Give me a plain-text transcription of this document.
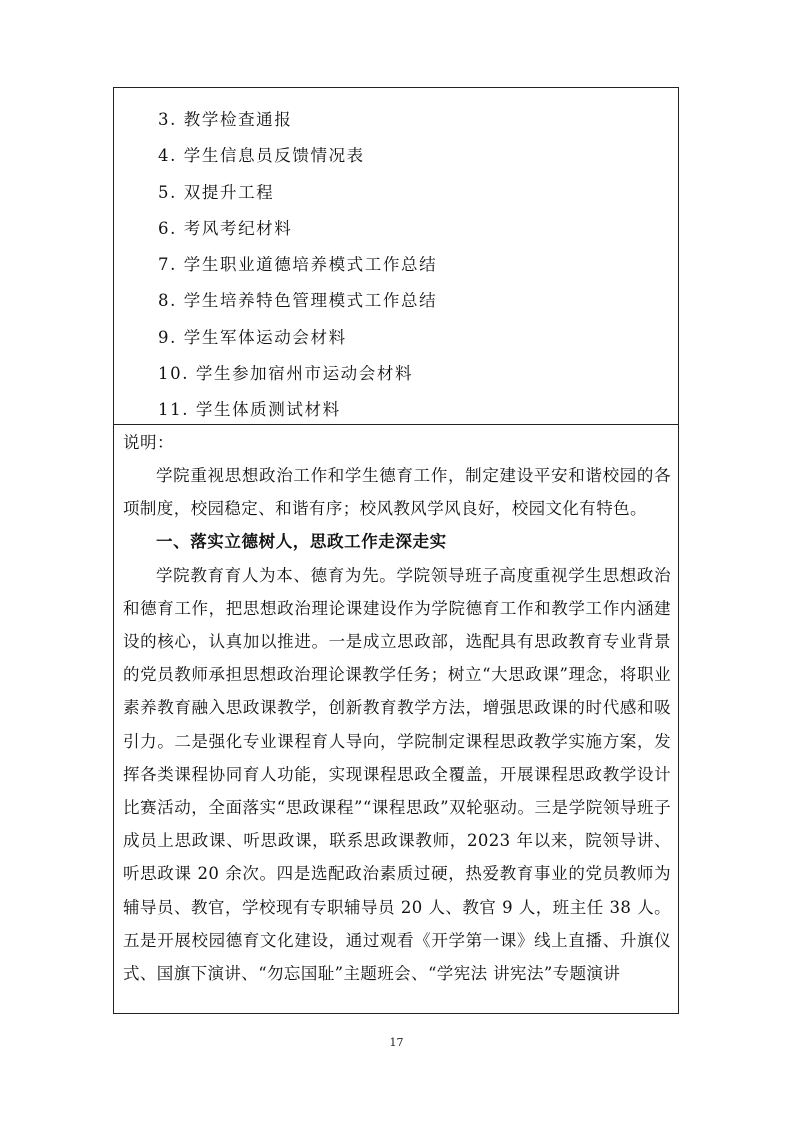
3. 教学检查通报
4. 学生信息员反馈情况表
5. 双提升工程
6. 考风考纪材料
7. 学生职业道德培养模式工作总结
8. 学生培养特色管理模式工作总结
9. 学生军体运动会材料
10. 学生参加宿州市运动会材料
11. 学生体质测试材料
说明：

学院重视思想政治工作和学生德育工作，制定建设平安和谐校园的各项制度，校园稳定、和谐有序；校风教风学风良好，校园文化有特色。

一、落实立德树人，思政工作走深走实

学院教育育人为本、德育为先。学院领导班子高度重视学生思想政治和德育工作，把思想政治理论课建设作为学院德育工作和教学工作内涵建设的核心，认真加以推进。一是成立思政部，选配具有思政教育专业背景的党员教师承担思想政治理论课教学任务；树立“大思政课”理念，将职业素养教育融入思政课教学，创新教育教学方法，增强思政课的时代感和吸引力。二是强化专业课程育人导向，学院制定课程思政教学实施方案，发挥各类课程协同育人功能，实现课程思政全覆盖，开展课程思政教学设计比赛活动，全面落实“思政课程”“课程思政”双轮驱动。三是学院领导班子成员上思政课、听思政课，联系思政课教师，2023 年以来，院领导讲、听思政课 20 余次。四是选配政治素质过硬，热爱教育事业的党员教师为辅导员、教官，学校现有专职辅导员 20 人、教官 9 人，班主任 38 人。五是开展校园德育文化建设，通过观看《开学第一课》线上直播、升旗仪式、国旗下演讲、“勿忘国耻”主题班会、“学宪法 讲宪法”专题演讲

17
